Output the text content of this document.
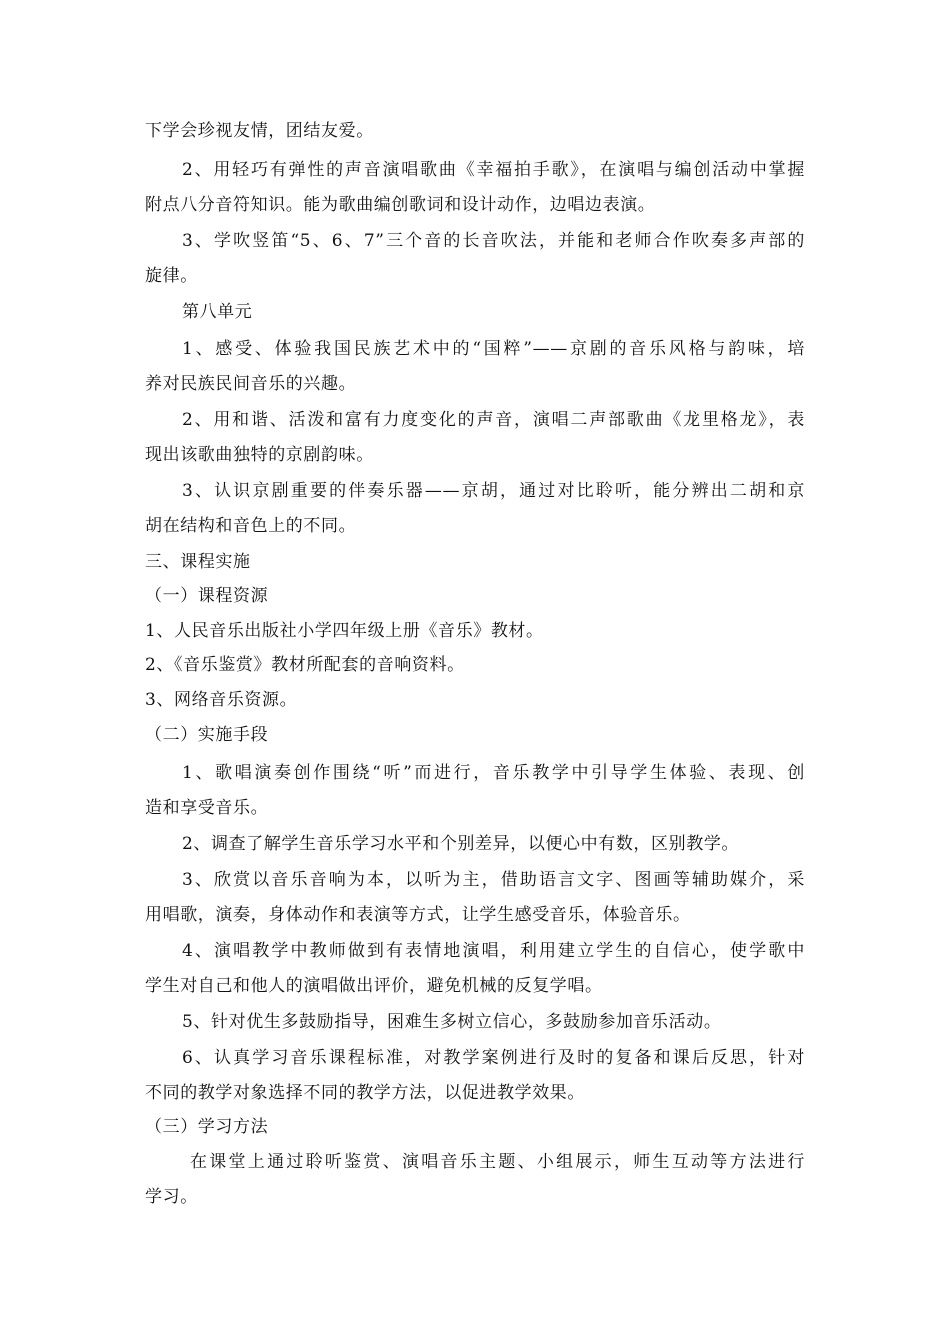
下学会珍视友情，团结友爱。
2、用轻巧有弹性的声音演唱歌曲《幸福拍手歌》，在演唱与编创活动中掌握
附点八分音符知识。能为歌曲编创歌词和设计动作，边唱边表演。
3、学吹竖笛“5、6、7”三个音的长音吹法，并能和老师合作吹奏多声部的
旋律。
第八单元
1、感受、体验我国民族艺术中的“国粹”——京剧的音乐风格与韵味，培
养对民族民间音乐的兴趣。
2、用和谐、活泼和富有力度变化的声音，演唱二声部歌曲《龙里格龙》，表
现出该歌曲独特的京剧韵味。
3、认识京剧重要的伴奏乐器——京胡，通过对比聆听，能分辨出二胡和京
胡在结构和音色上的不同。
三、课程实施
（一）课程资源
1、人民音乐出版社小学四年级上册《音乐》教材。
2、《音乐鉴赏》教材所配套的音响资料。
3、网络音乐资源。
（二）实施手段
1、歌唱演奏创作围绕“听”而进行，音乐教学中引导学生体验、表现、创
造和享受音乐。
2、调查了解学生音乐学习水平和个别差异，以便心中有数，区别教学。
3、欣赏以音乐音响为本，以听为主，借助语言文字、图画等辅助媒介，采
用唱歌，演奏，身体动作和表演等方式，让学生感受音乐，体验音乐。
4、演唱教学中教师做到有表情地演唱，利用建立学生的自信心，使学歌中
学生对自己和他人的演唱做出评价，避免机械的反复学唱。
5、针对优生多鼓励指导，困难生多树立信心，多鼓励参加音乐活动。
6、认真学习音乐课程标准，对教学案例进行及时的复备和课后反思，针对
不同的教学对象选择不同的教学方法，以促进教学效果。
（三）学习方法
在课堂上通过聆听鉴赏、演唱音乐主题、小组展示，师生互动等方法进行
学习。
